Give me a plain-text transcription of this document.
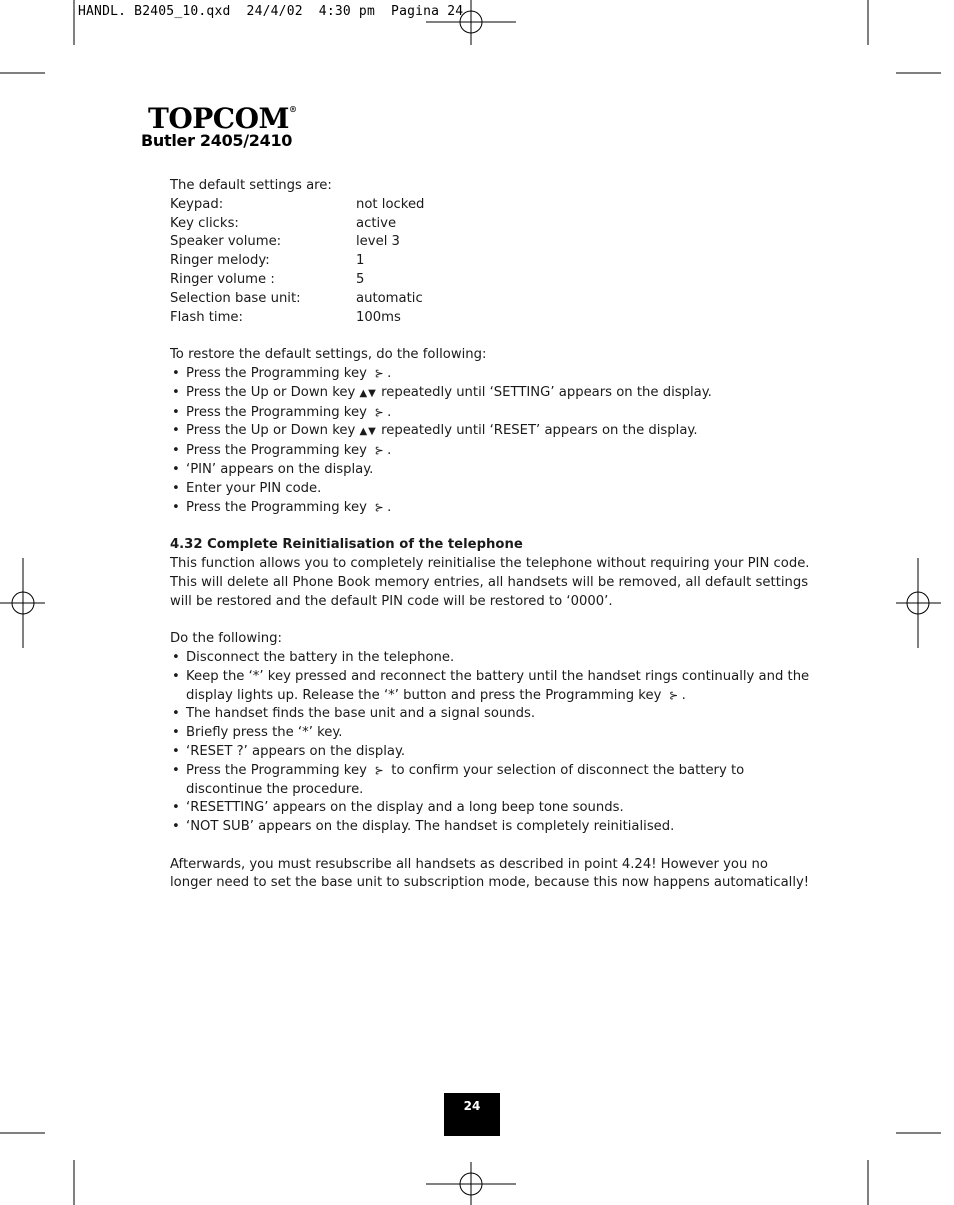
HANDL. B2405_10.qxd  24/4/02  4:30 pm  Pagina 24
TOPCOM®
Butler 2405/2410
The default settings are:
Keypad:	not locked
Key clicks:	active
Speaker volume:	level 3
Ringer melody:	1
Ringer volume :	5
Selection base unit:	automatic
Flash time:	100ms
To restore the default settings, do the following:
• Press the Programming key ⊱ .
• Press the Up or Down key ▲▼ repeatedly until ‘SETTING’ appears on the display.
• Press the Programming key ⊱ .
• Press the Up or Down key ▲▼ repeatedly until ‘RESET’ appears on the display.
• Press the Programming key ⊱ .
• ‘PIN’ appears on the display.
• Enter your PIN code.
• Press the Programming key ⊱ .
4.32 Complete Reinitialisation of the telephone
This function allows you to completely reinitialise the telephone without requiring your PIN code. This will delete all Phone Book memory entries, all handsets will be removed, all default settings will be restored and the default PIN code will be restored to ‘0000’.
Do the following:
• Disconnect the battery in the telephone.
• Keep the ‘*’ key pressed and reconnect the battery until the handset rings continually and the display lights up. Release the ‘*’ button and press the Programming key ⊱ .
• The handset finds the base unit and a signal sounds.
• Briefly press the ‘*’ key.
• ‘RESET ?’ appears on the display.
• Press the Programming key ⊱ to confirm your selection of disconnect the battery to discontinue the procedure.
• ‘RESETTING’ appears on the display and a long beep tone sounds.
• ‘NOT SUB’ appears on the display. The handset is completely reinitialised.
Afterwards, you must resubscribe all handsets as described in point 4.24! However you no longer need to set the base unit to subscription mode, because this now happens automatically!
24
